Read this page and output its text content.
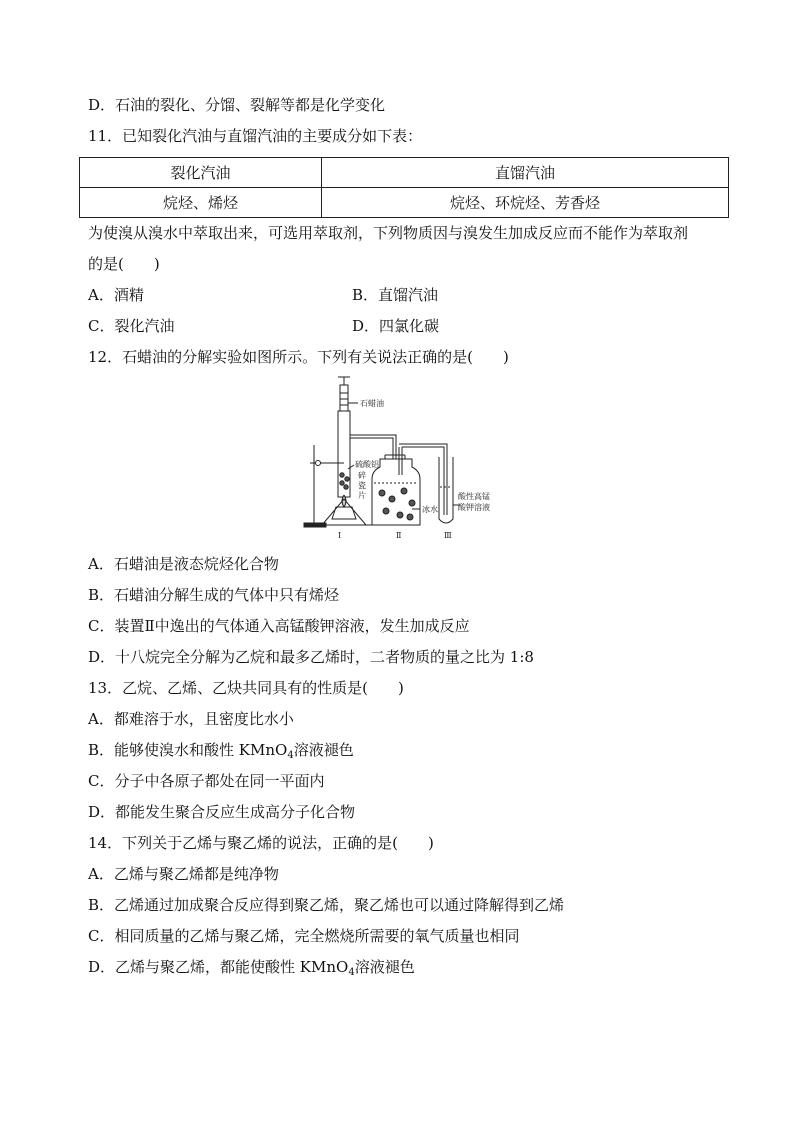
D．石油的裂化、分馏、裂解等都是化学变化
11．已知裂化汽油与直馏汽油的主要成分如下表：
裂化汽油	直馏汽油
烷烃、烯烃	烷烃、环烷烃、芳香烃
为使溴从溴水中萃取出来，可选用萃取剂，下列物质因与溴发生加成反应而不能作为萃取剂
的是(　　)
A．酒精	B．直馏汽油
C．裂化汽油	D．四氯化碳
12．石蜡油的分解实验如图所示。下列有关说法正确的是(　　)
石蜡油
硫酸铝
碎
瓷
片
冰水
酸性高锰
酸钾溶液
Ⅰ	Ⅱ	Ⅲ
A．石蜡油是液态烷烃化合物
B．石蜡油分解生成的气体中只有烯烃
C．装置Ⅱ中逸出的气体通入高锰酸钾溶液，发生加成反应
D．十八烷完全分解为乙烷和最多乙烯时，二者物质的量之比为 1:8
13．乙烷、乙烯、乙炔共同具有的性质是(　　)
A．都难溶于水，且密度比水小
B．能够使溴水和酸性 KMnO$_4$溶液褪色
C．分子中各原子都处在同一平面内
D．都能发生聚合反应生成高分子化合物
14．下列关于乙烯与聚乙烯的说法，正确的是(　　)
A．乙烯与聚乙烯都是纯净物
B．乙烯通过加成聚合反应得到聚乙烯，聚乙烯也可以通过降解得到乙烯
C．相同质量的乙烯与聚乙烯，完全燃烧所需要的氧气质量也相同
D．乙烯与聚乙烯，都能使酸性 KMnO$_4$溶液褪色
